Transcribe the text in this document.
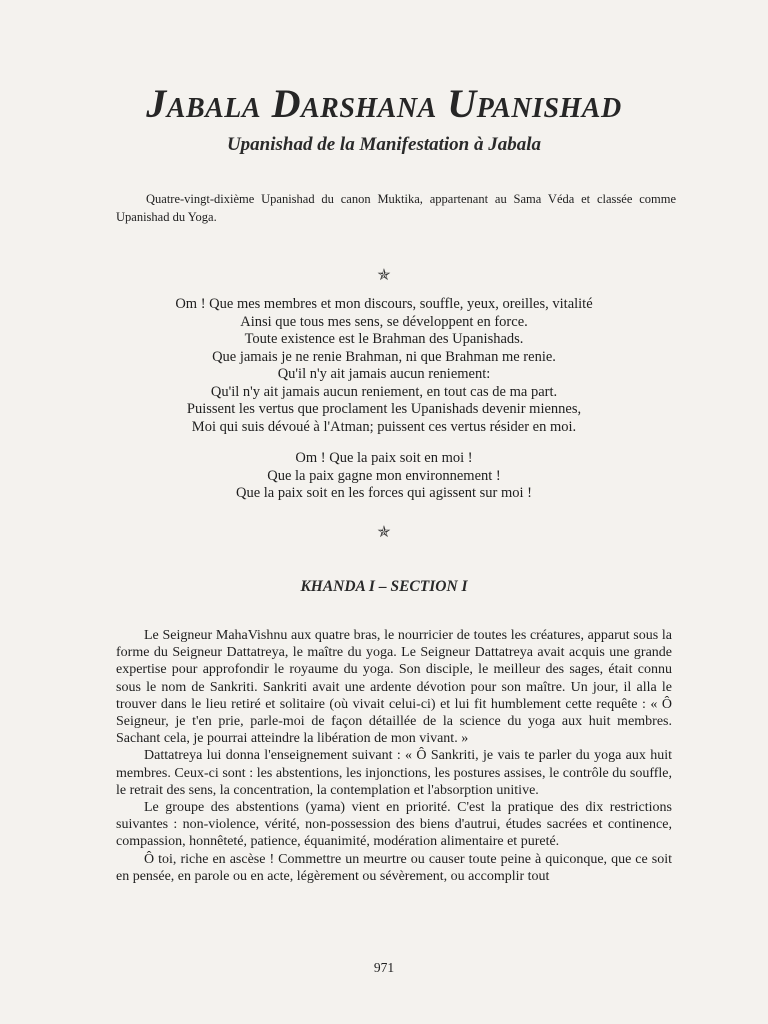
Jabala Darshana Upanishad
Upanishad de la Manifestation à Jabala
Quatre-vingt-dixième Upanishad du canon Muktika, appartenant au Sama Véda et classée comme Upanishad du Yoga.
✯
Om ! Que mes membres et mon discours, souffle, yeux, oreilles, vitalité
Ainsi que tous mes sens, se développent en force.
Toute existence est le Brahman des Upanishads.
Que jamais je ne renie Brahman, ni que Brahman me renie.
Qu'il n'y ait jamais aucun reniement:
Qu'il n'y ait jamais aucun reniement, en tout cas de ma part.
Puissent les vertus que proclament les Upanishads devenir miennes,
Moi qui suis dévoué à l'Atman; puissent ces vertus résider en moi.
Om ! Que la paix soit en moi !
Que la paix gagne mon environnement !
Que la paix soit en les forces qui agissent sur moi !
✯
KHANDA I – SECTION I

Le Seigneur MahaVishnu aux quatre bras, le nourricier de toutes les créatures, apparut sous la forme du Seigneur Dattatreya, le maître du yoga. Le Seigneur Dattatreya avait acquis une grande expertise pour approfondir le royaume du yoga. Son disciple, le meilleur des sages, était connu sous le nom de Sankriti. Sankriti avait une ardente dévotion pour son maître. Un jour, il alla le trouver dans le lieu retiré et solitaire (où vivait celui-ci) et lui fit humblement cette requête : « Ô Seigneur, je t'en prie, parle-moi de façon détaillée de la science du yoga aux huit membres. Sachant cela, je pourrai atteindre la libération de mon vivant. »

Dattatreya lui donna l'enseignement suivant : « Ô Sankriti, je vais te parler du yoga aux huit membres. Ceux-ci sont : les abstentions, les injonctions, les postures assises, le contrôle du souffle, le retrait des sens, la concentration, la contemplation et l'absorption unitive.

Le groupe des abstentions (yama) vient en priorité. C'est la pratique des dix restrictions suivantes : non-violence, vérité, non-possession des biens d'autrui, études sacrées et continence, compassion, honnêteté, patience, équanimité, modération alimentaire et pureté.

Ô toi, riche en ascèse ! Commettre un meurtre ou causer toute peine à quiconque, que ce soit en pensée, en parole ou en acte, légèrement ou sévèrement, ou accomplir tout

971
